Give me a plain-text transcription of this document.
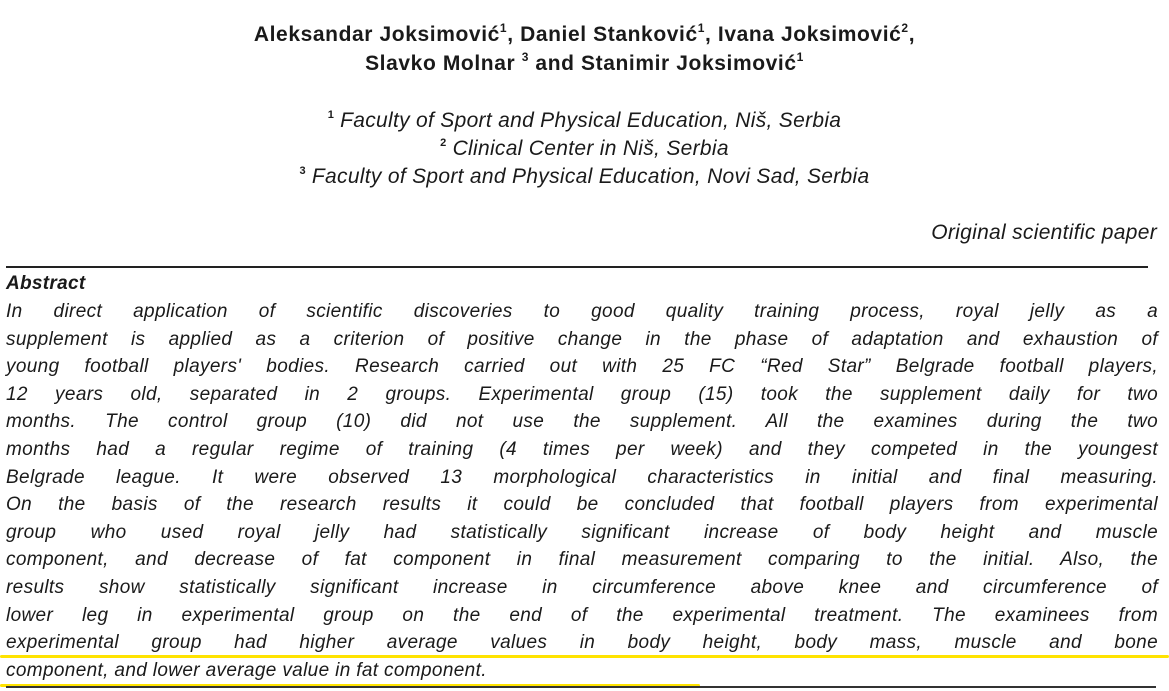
Aleksandar Joksimović$^1$, Daniel Stanković$^1$, Ivana Joksimović$^2$,
Slavko Molnar $^3$ and Stanimir Joksimović$^1$
$^1$ Faculty of Sport and Physical Education, Niš, Serbia
$^2$ Clinical Center in Niš, Serbia
$^3$ Faculty of Sport and Physical Education, Novi Sad, Serbia
Original scientific paper
Abstract
In direct application of scientific discoveries to good quality training process, royal jelly as a
supplement is applied as a criterion of positive change in the phase of adaptation and exhaustion of
young football players' bodies. Research carried out with 25 FC “Red Star” Belgrade football players,
12 years old, separated in 2 groups. Experimental group (15) took the supplement daily for two
months. The control group (10) did not use the supplement. All the examines during the two
months had a regular regime of training (4 times per week) and they competed in the youngest
Belgrade league. It were observed 13 morphological characteristics in initial and final measuring.
On the basis of the research results it could be concluded that football players from experimental
group who used royal jelly had statistically significant increase of body height and muscle
component, and decrease of fat component in final measurement comparing to the initial. Also, the
results show statistically significant increase in circumference above knee and circumference of
lower leg in experimental group on the end of the experimental treatment. The examinees from
experimental group had higher average values in body height, body mass, muscle and bone
component, and lower average value in fat component.
